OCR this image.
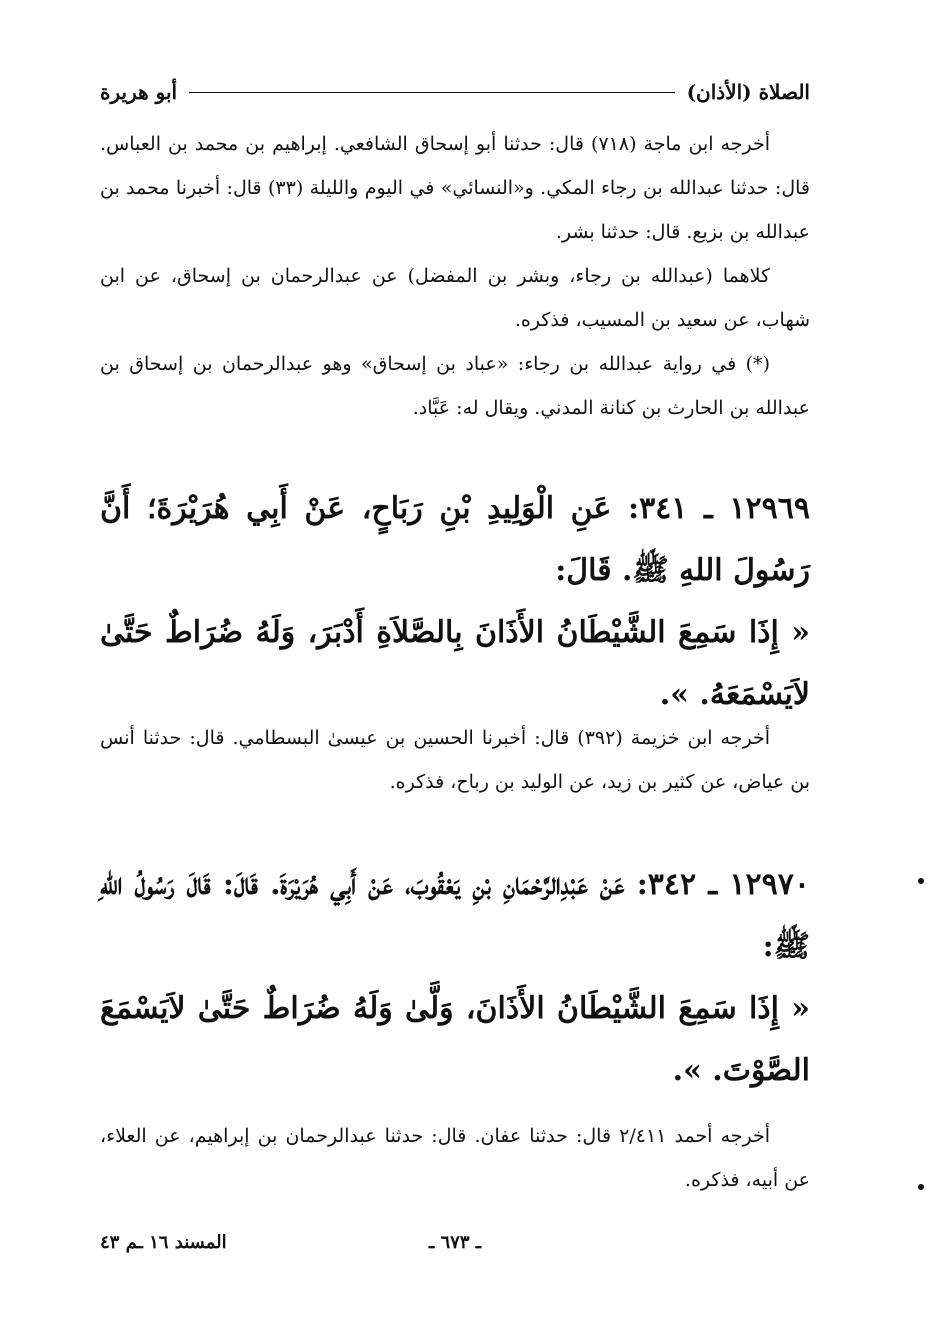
الصلاة (الأذان)
أبو هريرة

أخرجه ابن ماجة (٧١٨) قال: حدثنا أبو إسحاق الشافعي. إبراهيم بن محمد بن العباس. قال: حدثنا عبدالله بن رجاء المكي. و«النسائي» في اليوم والليلة (٣٣) قال: أخبرنا محمد بن عبدالله بن بزيع. قال: حدثنا بشر.

كلاهما (عبدالله بن رجاء، وبشر بن المفضل) عن عبدالرحمان بن إسحاق، عن ابن شهاب، عن سعيد بن المسيب، فذكره.

(*) في رواية عبدالله بن رجاء: «عباد بن إسحاق» وهو عبدالرحمان بن إسحاق بن عبدالله بن الحارث بن كنانة المدني. ويقال له: عَبَّاد.

١٢٩٦٩ ـ ٣٤١: عَنِ الْوَلِيدِ بْنِ رَبَاحٍ، عَنْ أَبِي هُرَيْرَةَ؛ أَنَّ رَسُولَ اللهِ ﷺ. قَالَ:

« إِذَا سَمِعَ الشَّيْطَانُ الأَذَانَ بِالصَّلاَةِ أَدْبَرَ، وَلَهُ ضُرَاطٌ حَتَّىٰ لاَيَسْمَعَهُ. ».

أخرجه ابن خزيمة (٣٩٢) قال: أخبرنا الحسين بن عيسىٰ البسطامي. قال: حدثنا أنس بن عياض، عن كثير بن زيد، عن الوليد بن رباح، فذكره.

١٢٩٧٠ ـ ٣٤٢: عَنْ عَبْدِالرَّحْمَانِ بْنِ يَعْقُوبَ، عَنْ أَبِي هُرَيْرَةَ. قَالَ: قَالَ رَسُولُ اللهِ ﷺ:

« إِذَا سَمِعَ الشَّيْطَانُ الأَذَانَ، وَلَّىٰ وَلَهُ ضُرَاطٌ حَتَّىٰ لاَيَسْمَعَ الصَّوْتَ. ».

أخرجه أحمد ٢/٤١١ قال: حدثنا عفان. قال: حدثنا عبدالرحمان بن إبراهيم، عن العلاء، عن أبيه، فذكره.

ـ ٦٧٣ ـ
المسند ١٦ ـم ٤٣
